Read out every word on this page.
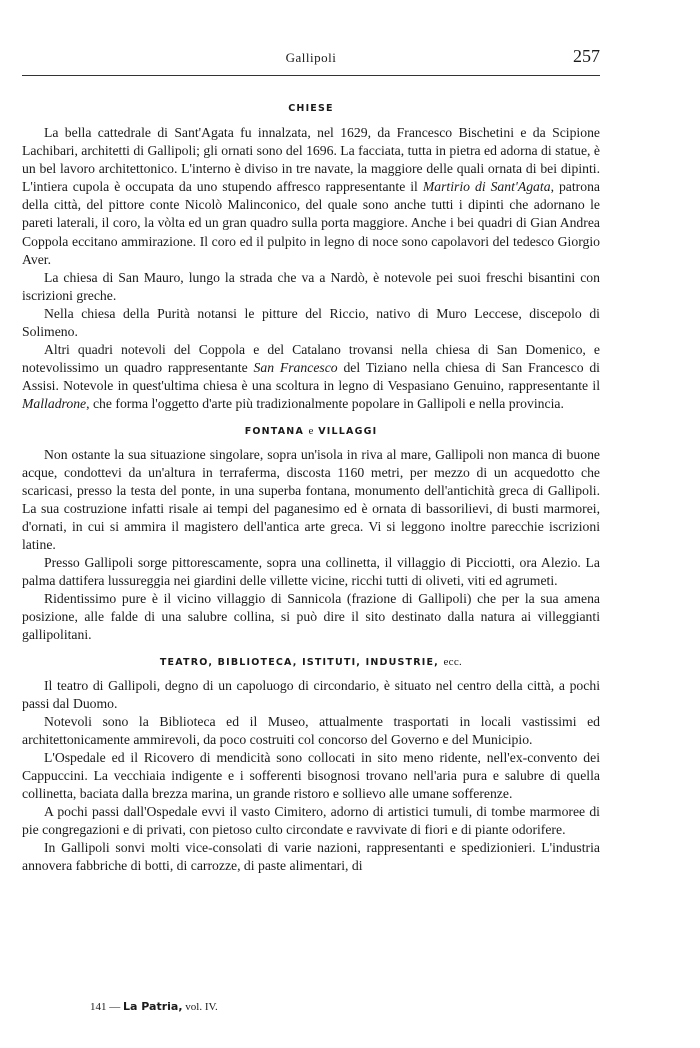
Gallipoli	257
CHIESE

La bella cattedrale di Sant'Agata fu innalzata, nel 1629, da Francesco Bischetini e da Scipione Lachibari, architetti di Gallipoli; gli ornati sono del 1696. La facciata, tutta in pietra ed adorna di statue, è un bel lavoro architettonico. L'interno è diviso in tre navate, la maggiore delle quali ornata di bei dipinti. L'intiera cupola è occupata da uno stupendo affresco rappresentante il Martirio di Sant'Agata, patrona della città, del pittore conte Nicolò Malinconico, del quale sono anche tutti i dipinti che adornano le pareti laterali, il coro, la vòlta ed un gran quadro sulla porta maggiore. Anche i bei quadri di Gian Andrea Coppola eccitano ammirazione. Il coro ed il pulpito in legno di noce sono capolavori del tedesco Giorgio Aver.

La chiesa di San Mauro, lungo la strada che va a Nardò, è notevole pei suoi freschi bisantini con iscrizioni greche.

Nella chiesa della Purità notansi le pitture del Riccio, nativo di Muro Leccese, discepolo di Solimeno.

Altri quadri notevoli del Coppola e del Catalano trovansi nella chiesa di San Domenico, e notevolissimo un quadro rappresentante San Francesco del Tiziano nella chiesa di San Francesco di Assisi. Notevole in quest'ultima chiesa è una scoltura in legno di Vespasiano Genuino, rappresentante il Malladrone, che forma l'oggetto d'arte più tradizionalmente popolare in Gallipoli e nella provincia.

FONTANA e VILLAGGI

Non ostante la sua situazione singolare, sopra un'isola in riva al mare, Gallipoli non manca di buone acque, condottevi da un'altura in terraferma, discosta 1160 metri, per mezzo di un acquedotto che scaricasi, presso la testa del ponte, in una superba fontana, monumento dell'antichità greca di Gallipoli. La sua costruzione infatti risale ai tempi del paganesimo ed è ornata di bassorilievi, di busti marmorei, d'ornati, in cui si ammira il magistero dell'antica arte greca. Vi si leggono inoltre parecchie iscrizioni latine.

Presso Gallipoli sorge pittorescamente, sopra una collinetta, il villaggio di Picciotti, ora Alezio. La palma dattifera lussureggia nei giardini delle villette vicine, ricchi tutti di oliveti, viti ed agrumeti.

Ridentissimo pure è il vicino villaggio di Sannicola (frazione di Gallipoli) che per la sua amena posizione, alle falde di una salubre collina, si può dire il sito destinato dalla natura ai villeggianti gallipolitani.

TEATRO, BIBLIOTECA, ISTITUTI, INDUSTRIE, ecc.

Il teatro di Gallipoli, degno di un capoluogo di circondario, è situato nel centro della città, a pochi passi dal Duomo.

Notevoli sono la Biblioteca ed il Museo, attualmente trasportati in locali vastissimi ed architettonicamente ammirevoli, da poco costruiti col concorso del Governo e del Municipio.

L'Ospedale ed il Ricovero di mendicità sono collocati in sito meno ridente, nell'ex-convento dei Cappuccini. La vecchiaia indigente e i sofferenti bisognosi trovano nell'aria pura e salubre di quella collinetta, baciata dalla brezza marina, un grande ristoro e sollievo alle umane sofferenze.

A pochi passi dall'Ospedale evvi il vasto Cimitero, adorno di artistici tumuli, di tombe marmoree di pie congregazioni e di privati, con pietoso culto circondate e ravvivate di fiori e di piante odorifere.

In Gallipoli sonvi molti vice-consolati di varie nazioni, rappresentanti e spedizionieri. L'industria annovera fabbriche di botti, di carrozze, di paste alimentari, di

141 — La Patria, vol. IV.
